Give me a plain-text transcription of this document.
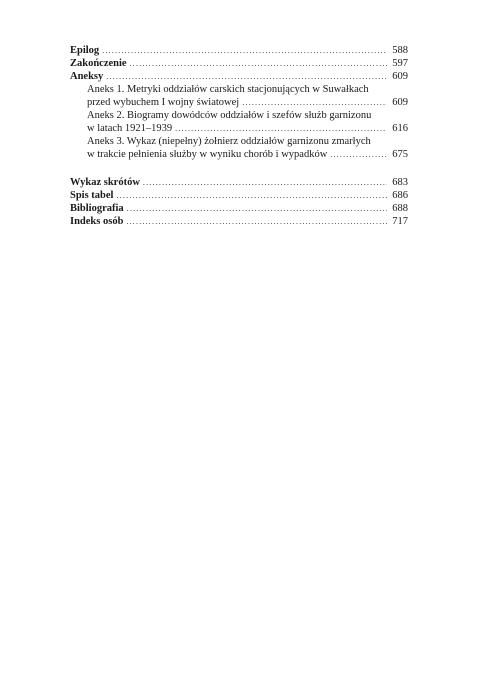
Epilog .....	588
Zakończenie .....	597
Aneksy .....	609
Aneks 1. Metryki oddziałów carskich stacjonujących w Suwałkach
przed wybuchem I wojny światowej .....	609
Aneks 2. Biogramy dowódców oddziałów i szefów służb garnizonu
w latach 1921–1939 .....	616
Aneks 3. Wykaz (niepełny) żołnierz oddziałów garnizonu zmarłych
w trakcie pełnienia służby w wyniku chorób i wypadków .....	675
Wykaz skrótów .....	683
Spis tabel .....	686
Bibliografia .....	688
Indeks osób .....	717
